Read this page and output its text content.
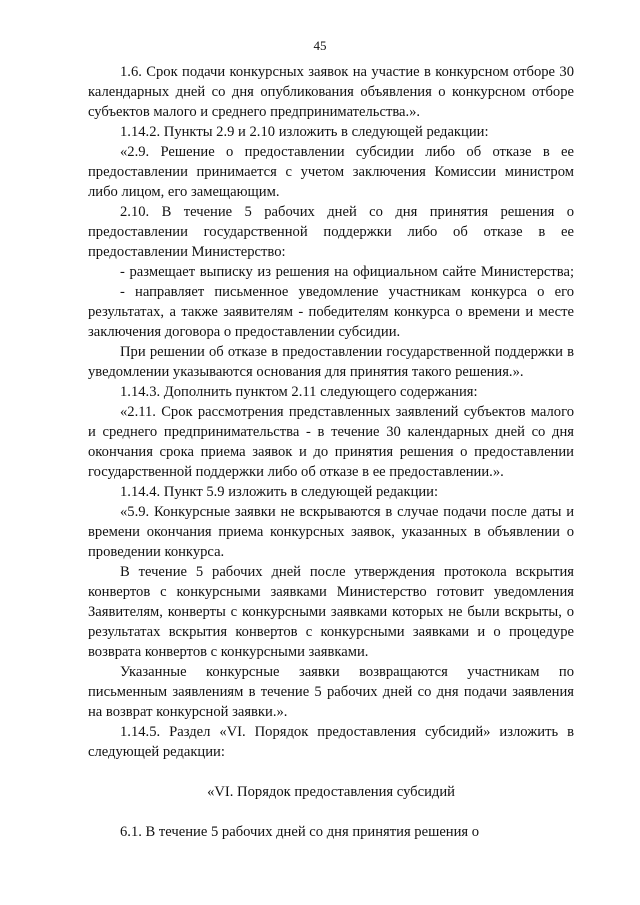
45

1.6. Срок подачи конкурсных заявок на участие в конкурсном отборе 30 календарных дней со дня опубликования объявления о конкурсном отборе субъектов малого и среднего предпринимательства.».

1.14.2. Пункты 2.9 и 2.10 изложить в следующей редакции:

«2.9. Решение о предоставлении субсидии либо об отказе в ее предоставлении принимается с учетом заключения Комиссии министром либо лицом, его замещающим.

2.10. В течение 5 рабочих дней со дня принятия решения о предоставлении государственной поддержки либо об отказе в ее предоставлении Министерство:

- размещает выписку из решения на официальном сайте Министерства;

- направляет письменное уведомление участникам конкурса о его результатах, а также заявителям - победителям конкурса о времени и месте заключения договора о предоставлении субсидии.

При решении об отказе в предоставлении государственной поддержки в уведомлении указываются основания для принятия такого решения.».

1.14.3. Дополнить пунктом 2.11 следующего содержания:

«2.11. Срок рассмотрения представленных заявлений субъектов малого и среднего предпринимательства - в течение 30 календарных дней со дня окончания срока приема заявок и до принятия решения о предоставлении государственной поддержки либо об отказе в ее предоставлении.».

1.14.4. Пункт 5.9 изложить в следующей редакции:

«5.9. Конкурсные заявки не вскрываются в случае подачи после даты и времени окончания приема конкурсных заявок, указанных в объявлении о проведении конкурса.

В течение 5 рабочих дней после утверждения протокола вскрытия конвертов с конкурсными заявками Министерство готовит уведомления Заявителям, конверты с конкурсными заявками которых не были вскрыты, о результатах вскрытия конвертов с конкурсными заявками и о процедуре возврата конвертов с конкурсными заявками.

Указанные конкурсные заявки возвращаются участникам по письменным заявлениям в течение 5 рабочих дней со дня подачи заявления на возврат конкурсной заявки.».

1.14.5. Раздел «VI. Порядок предоставления субсидий» изложить в следующей редакции:

«VI. Порядок предоставления субсидий

6.1. В течение 5 рабочих дней со дня принятия решения о
